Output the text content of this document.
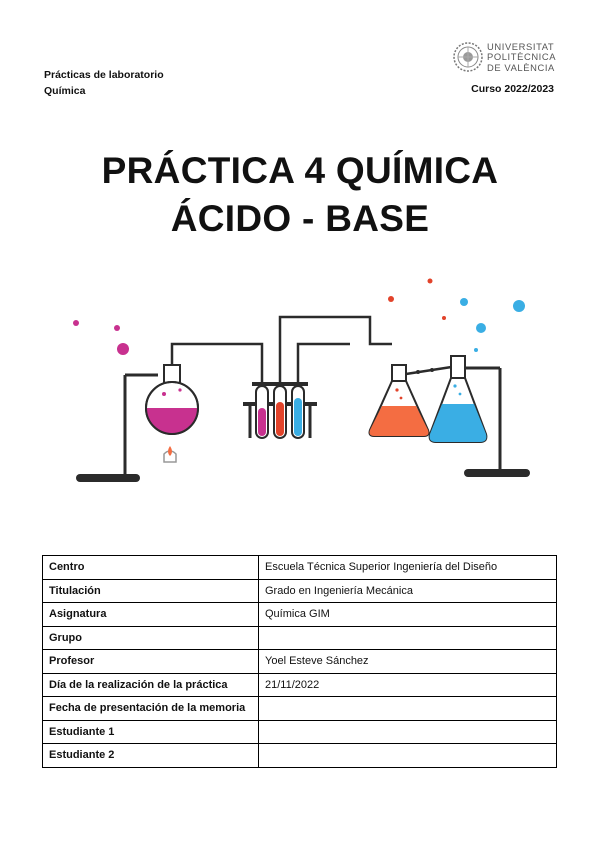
Prácticas de laboratorio
Química
UNIVERSITAT
POLITÈCNICA
DE VALÈNCIA
Curso 2022/2023
PRÁCTICA 4 QUÍMICA
ÁCIDO - BASE
Centro	Escuela Técnica Superior Ingeniería del Diseño
Titulación	Grado en Ingeniería Mecánica
Asignatura	Química GIM
Grupo	
Profesor	Yoel Esteve Sánchez
Día de la realización de la práctica	21/11/2022
Fecha de presentación de la memoria	
Estudiante 1	
Estudiante 2	
